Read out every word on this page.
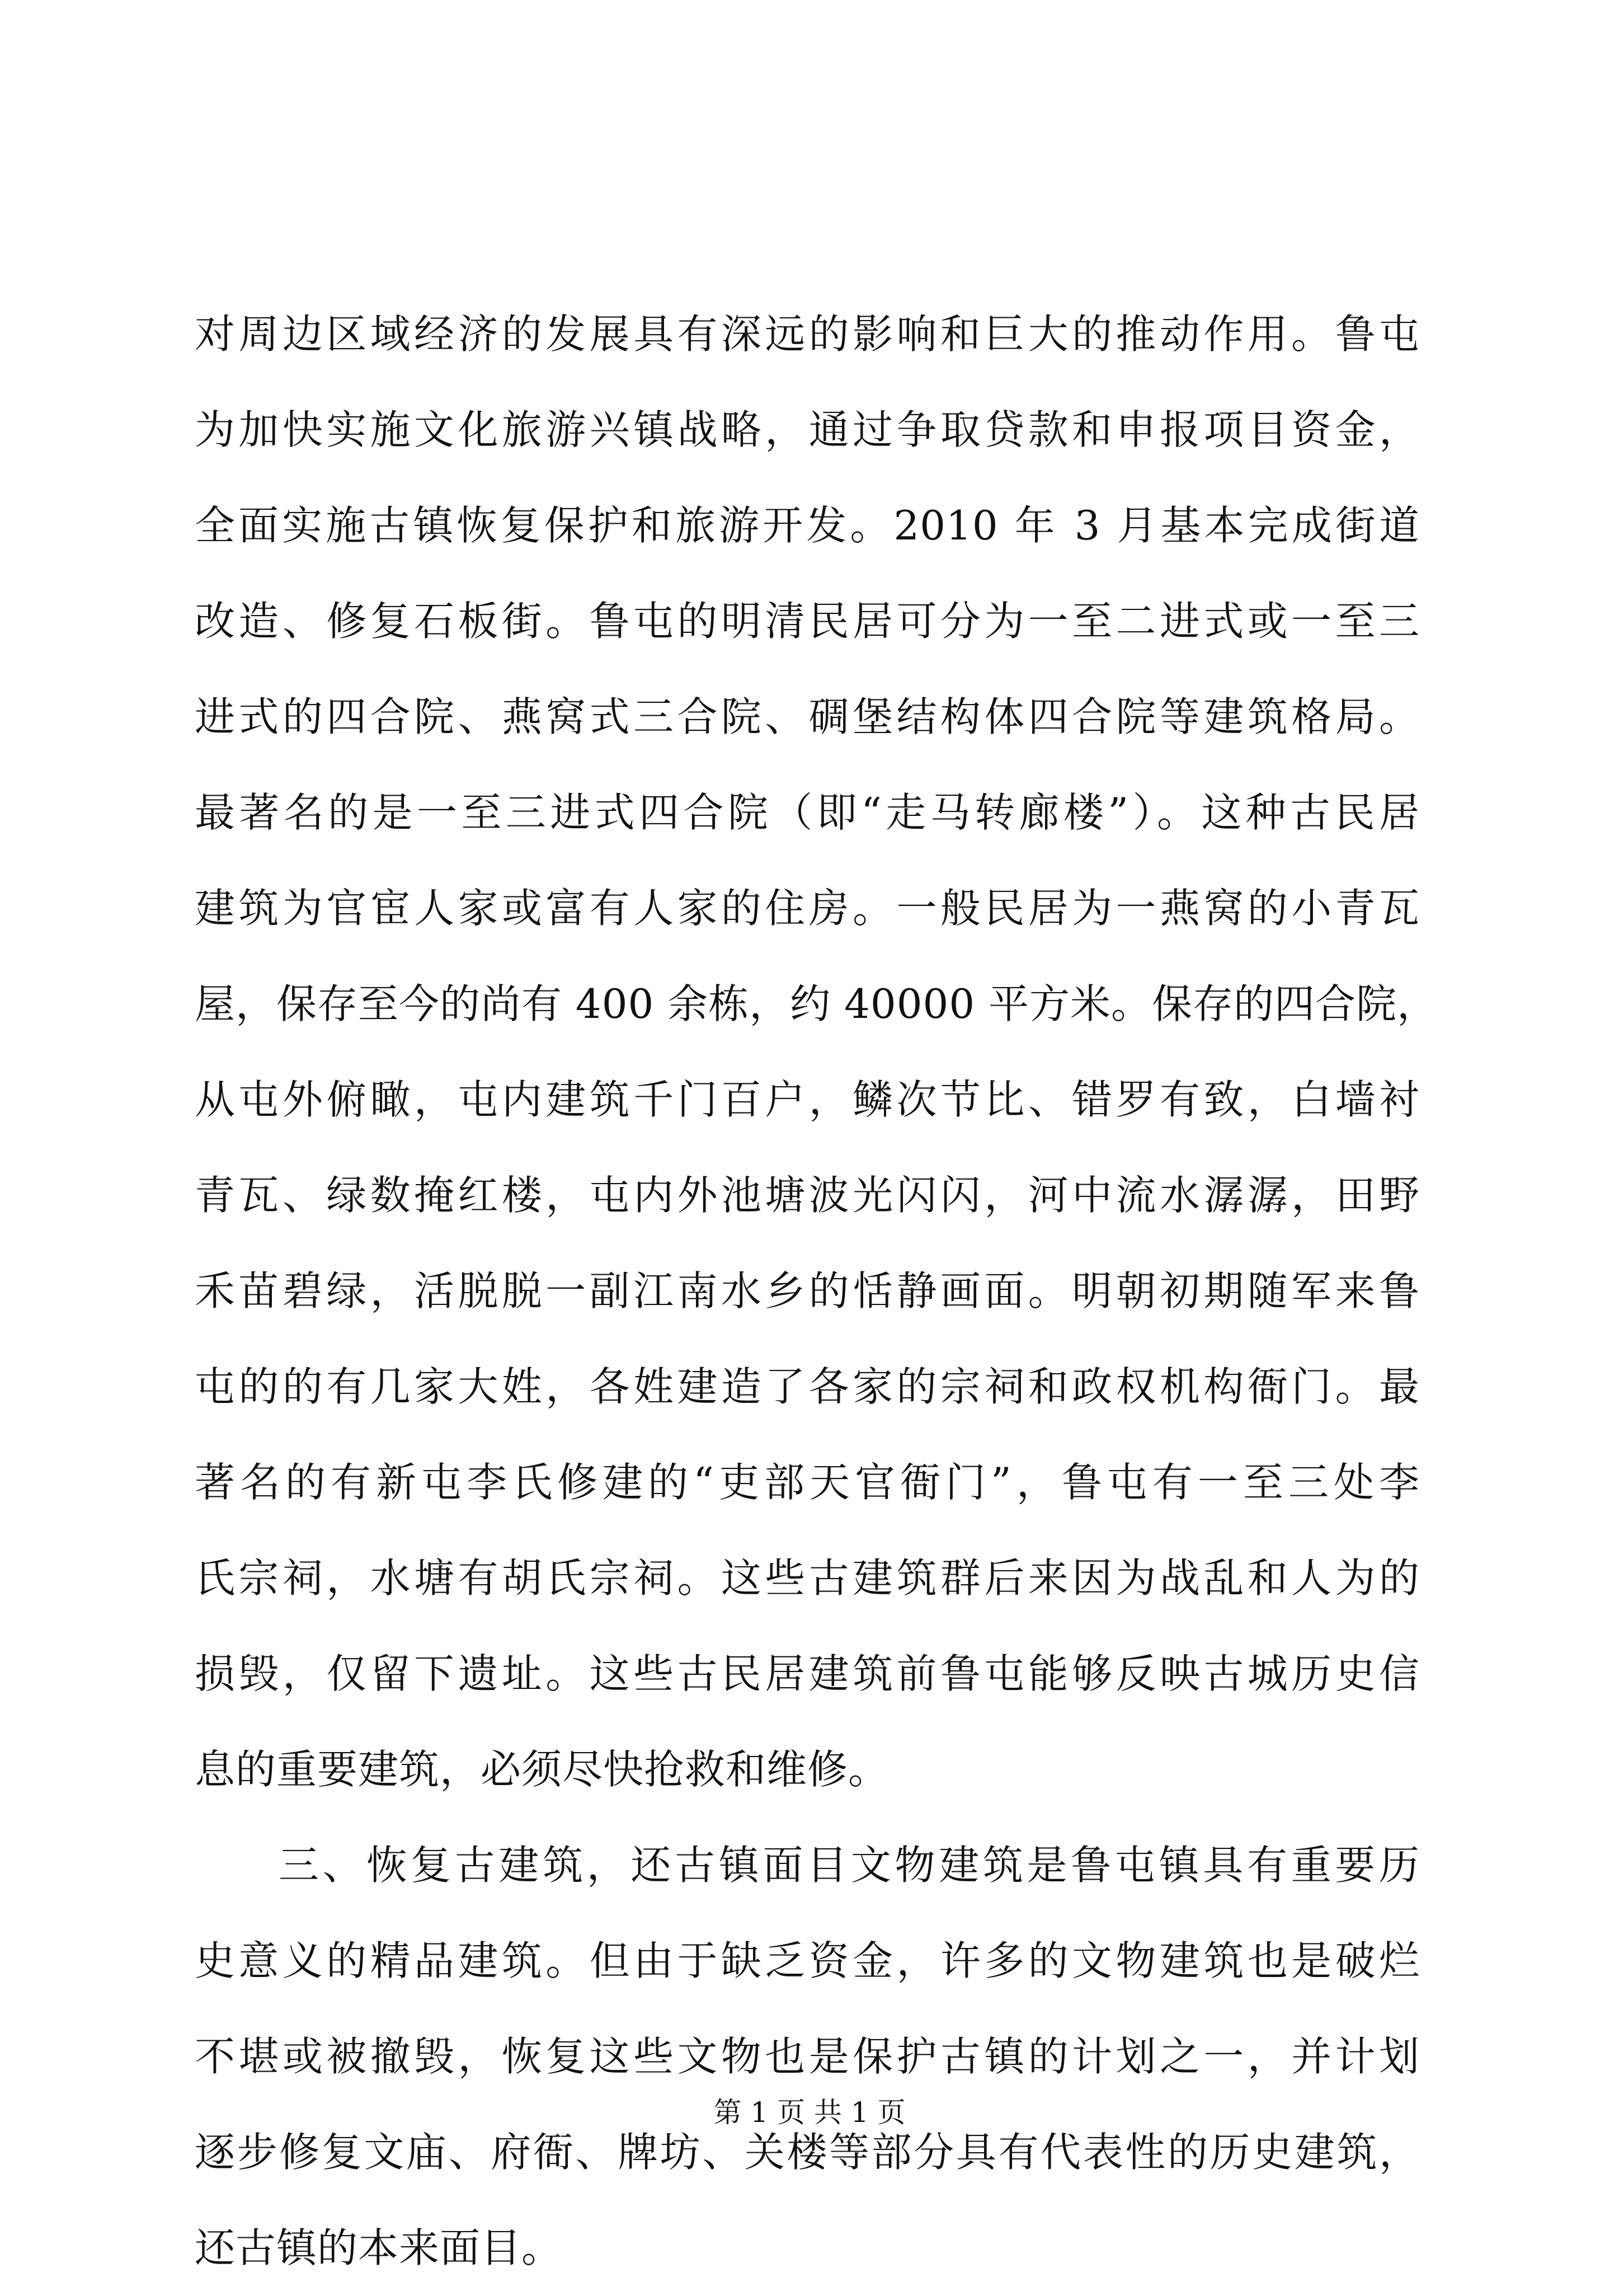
对周边区域经济的发展具有深远的影响和巨大的推动作用。鲁屯
为加快实施文化旅游兴镇战略，通过争取贷款和申报项目资金，
全面实施古镇恢复保护和旅游开发。2010 年 3 月基本完成街道
改造、修复石板街。鲁屯的明清民居可分为一至二进式或一至三
进式的四合院、燕窝式三合院、碉堡结构体四合院等建筑格局。
最著名的是一至三进式四合院（即“走马转廊楼”）。这种古民居
建筑为官宦人家或富有人家的住房。一般民居为一燕窝的小青瓦
屋，保存至今的尚有 400 余栋，约 40000 平方米。保存的四合院，
从屯外俯瞰，屯内建筑千门百户，鳞次节比、错罗有致，白墙衬
青瓦、绿数掩红楼，屯内外池塘波光闪闪，河中流水潺潺，田野
禾苗碧绿，活脱脱一副江南水乡的恬静画面。明朝初期随军来鲁
屯的的有几家大姓，各姓建造了各家的宗祠和政权机构衙门。最
著名的有新屯李氏修建的“吏部天官衙门”，鲁屯有一至三处李
氏宗祠，水塘有胡氏宗祠。这些古建筑群后来因为战乱和人为的
损毁，仅留下遗址。这些古民居建筑前鲁屯能够反映古城历史信
息的重要建筑，必须尽快抢救和维修。
三、恢复古建筑，还古镇面目文物建筑是鲁屯镇具有重要历
史意义的精品建筑。但由于缺乏资金，许多的文物建筑也是破烂
不堪或被撤毁，恢复这些文物也是保护古镇的计划之一，并计划
逐步修复文庙、府衙、牌坊、关楼等部分具有代表性的历史建筑，
还古镇的本来面目。
第 1 页 共 1 页
